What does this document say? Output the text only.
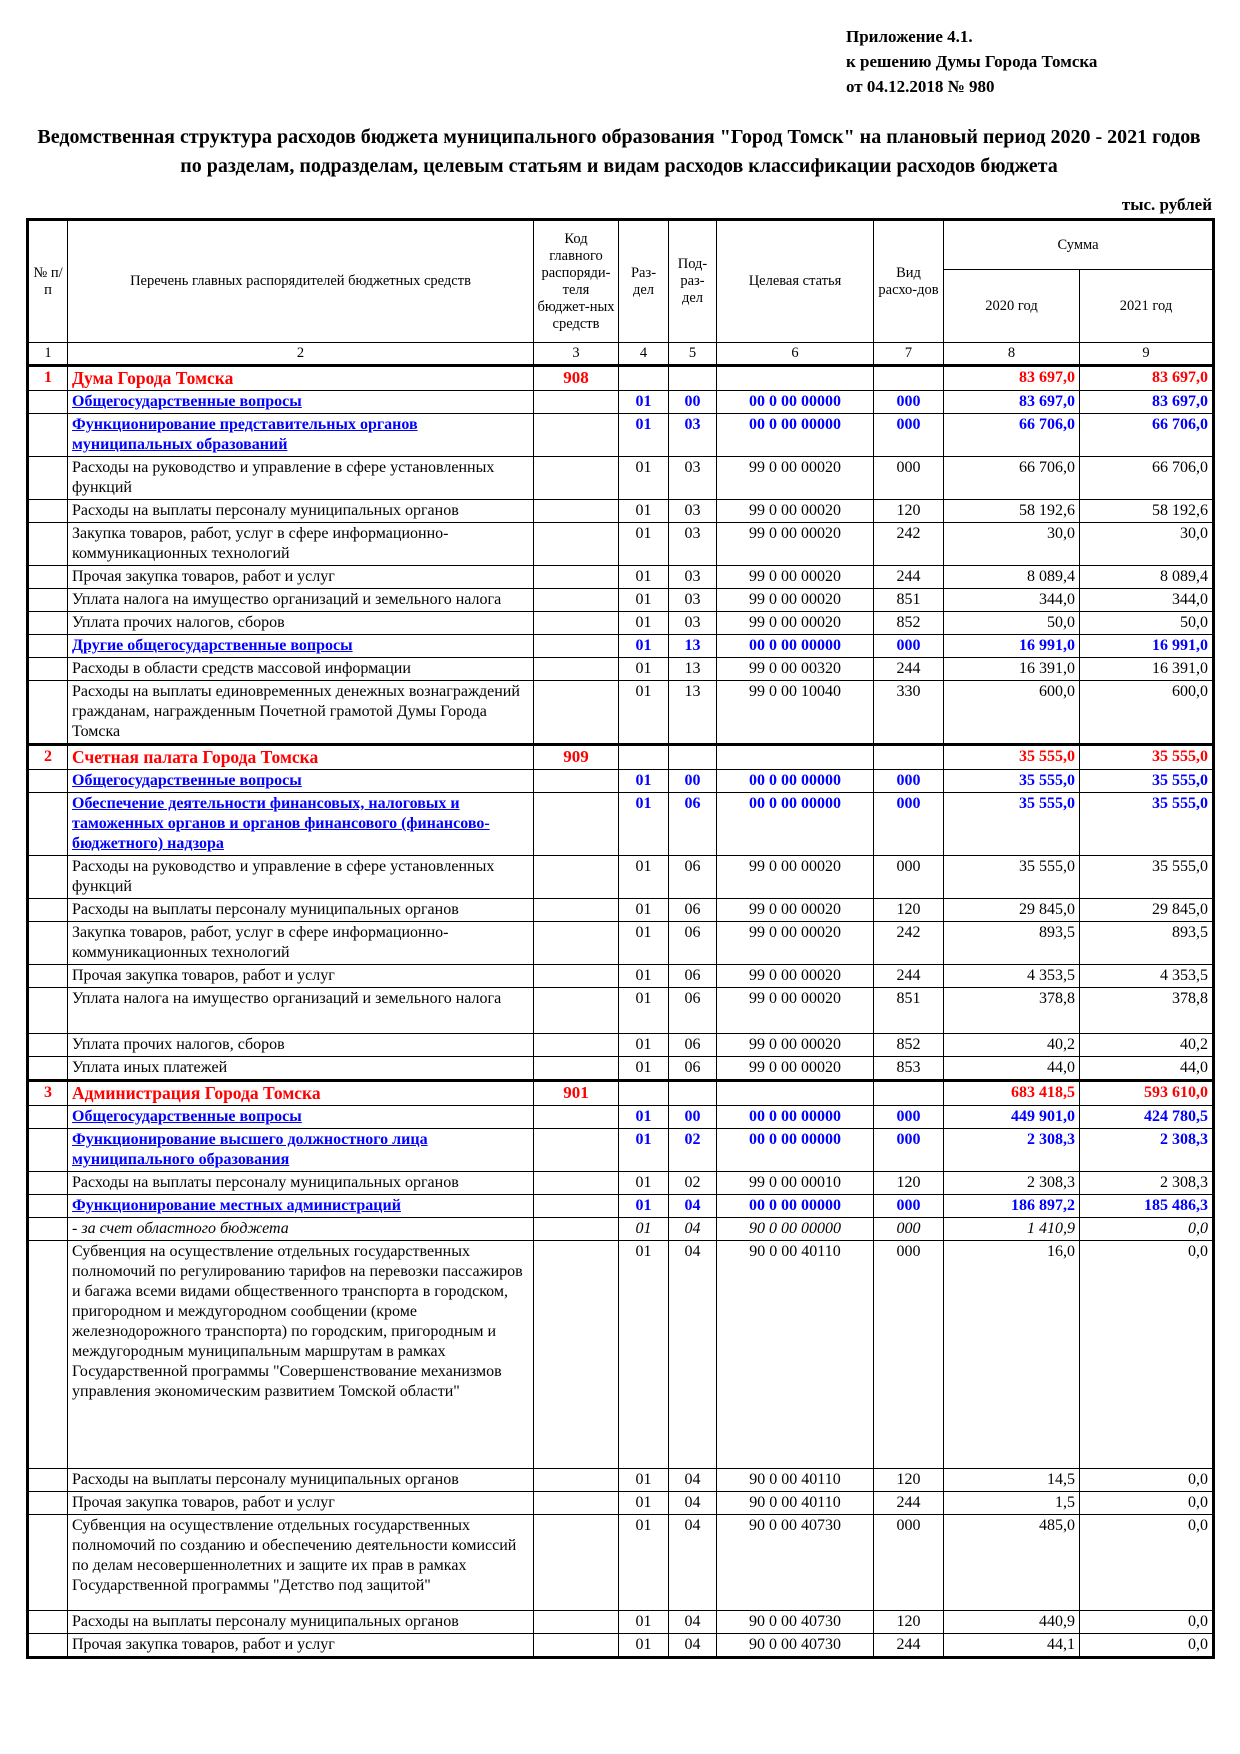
Приложение 4.1.
к решению Думы Города Томска
от 04.12.2018 № 980
Ведомственная структура расходов бюджета муниципального образования "Город Томск" на плановый период 2020 - 2021 годов по разделам, подразделам, целевым статьям и видам расходов классификации расходов бюджета
тыс. рублей
№ п/п	Перечень главных распорядителей бюджетных средств	Код главного распоряди-теля бюджет-ных средств	Раз-дел	Под-раз-дел	Целевая статья	Вид расхо-дов	Сумма	
							2020 год	2021 год
1	2	3	4	5	6	7	8	9
1	Дума Города Томска	908					83 697,0	83 697,0
	Общегосударственные вопросы		01	00	00 0 00 00000	000	83 697,0	83 697,0
	Функционирование представительных органов муниципальных образований		01	03	00 0 00 00000	000	66 706,0	66 706,0
	Расходы на руководство и управление в сфере установленных функций		01	03	99 0 00 00020	000	66 706,0	66 706,0
	Расходы на выплаты персоналу муниципальных органов		01	03	99 0 00 00020	120	58 192,6	58 192,6
	Закупка товаров, работ, услуг в сфере информационно-коммуникационных технологий		01	03	99 0 00 00020	242	30,0	30,0
	Прочая закупка товаров, работ и услуг		01	03	99 0 00 00020	244	8 089,4	8 089,4
	Уплата налога на имущество организаций и земельного налога		01	03	99 0 00 00020	851	344,0	344,0
	Уплата прочих налогов, сборов		01	03	99 0 00 00020	852	50,0	50,0
	Другие общегосударственные вопросы		01	13	00 0 00 00000	000	16 991,0	16 991,0
	Расходы в области средств массовой информации		01	13	99 0 00 00320	244	16 391,0	16 391,0
	Расходы на выплаты единовременных денежных вознаграждений гражданам, награжденным Почетной грамотой Думы Города Томска		01	13	99 0 00 10040	330	600,0	600,0
2	Счетная палата Города Томска	909					35 555,0	35 555,0
	Общегосударственные вопросы		01	00	00 0 00 00000	000	35 555,0	35 555,0
	Обеспечение деятельности финансовых, налоговых и таможенных органов и органов финансового (финансово-бюджетного) надзора		01	06	00 0 00 00000	000	35 555,0	35 555,0
	Расходы на руководство и управление в сфере установленных функций		01	06	99 0 00 00020	000	35 555,0	35 555,0
	Расходы на выплаты персоналу муниципальных органов		01	06	99 0 00 00020	120	29 845,0	29 845,0
	Закупка товаров, работ, услуг в сфере информационно-коммуникационных технологий		01	06	99 0 00 00020	242	893,5	893,5
	Прочая закупка товаров, работ и услуг		01	06	99 0 00 00020	244	4 353,5	4 353,5
	Уплата налога на имущество организаций и земельного налога		01	06	99 0 00 00020	851	378,8	378,8
	Уплата прочих налогов, сборов		01	06	99 0 00 00020	852	40,2	40,2
	Уплата иных платежей		01	06	99 0 00 00020	853	44,0	44,0
3	Администрация Города Томска	901					683 418,5	593 610,0
	Общегосударственные вопросы		01	00	00 0 00 00000	000	449 901,0	424 780,5
	Функционирование высшего должностного лица муниципального образования		01	02	00 0 00 00000	000	2 308,3	2 308,3
	Расходы на выплаты персоналу муниципальных органов		01	02	99 0 00 00010	120	2 308,3	2 308,3
	Функционирование местных администраций		01	04	00 0 00 00000	000	186 897,2	185 486,3
	- за счет областного бюджета		01	04	90 0 00 00000	000	1 410,9	0,0
	Субвенция на осуществление отдельных государственных полномочий по регулированию тарифов на перевозки пассажиров и багажа всеми видами общественного транспорта в городском, пригородном и междугородном сообщении (кроме железнодорожного транспорта) по городским, пригородным и междугородным муниципальным маршрутам в рамках Государственной программы "Совершенствование механизмов управления экономическим развитием Томской области"		01	04	90 0 00 40110	000	16,0	0,0
	Расходы на выплаты персоналу муниципальных органов		01	04	90 0 00 40110	120	14,5	0,0
	Прочая закупка товаров, работ и услуг		01	04	90 0 00 40110	244	1,5	0,0
	Субвенция на осуществление отдельных государственных полномочий по созданию и обеспечению деятельности комиссий по делам несовершеннолетних и защите их прав в рамках Государственной программы "Детство под защитой"		01	04	90 0 00 40730	000	485,0	0,0
	Расходы на выплаты персоналу муниципальных органов		01	04	90 0 00 40730	120	440,9	0,0
	Прочая закупка товаров, работ и услуг		01	04	90 0 00 40730	244	44,1	0,0
